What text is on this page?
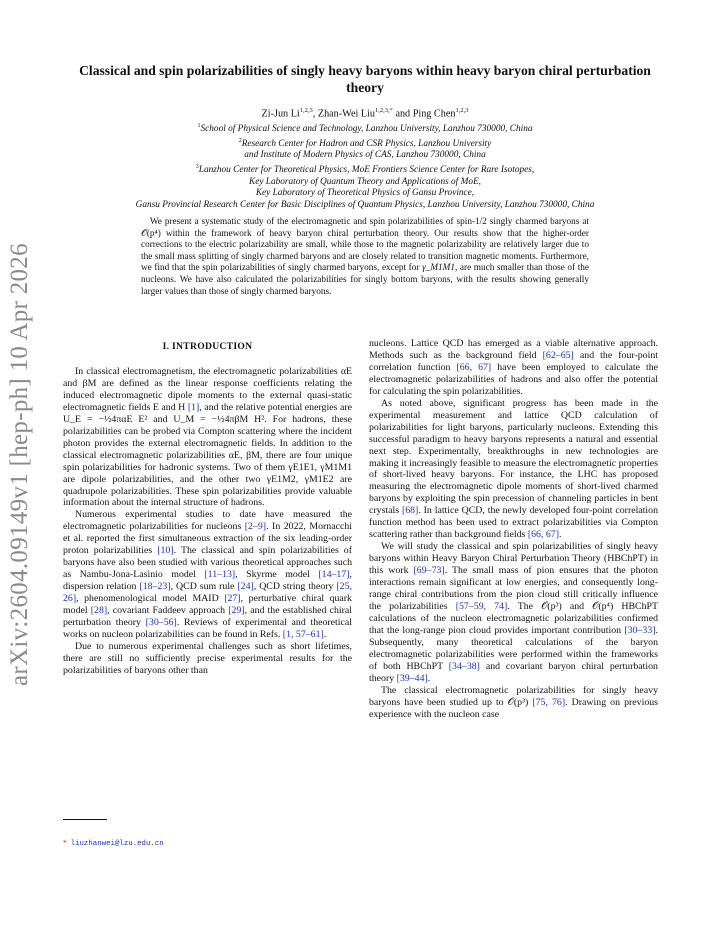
arXiv:2604.09149v1 [hep-ph] 10 Apr 2026
Classical and spin polarizabilities of singly heavy baryons within heavy baryon chiral perturbation theory
Zi-Jun Li$^{1,2,3}$, Zhan-Wei Liu$^{1,2,3,*}$ and Ping Chen$^{1,2,3}$
$^1$School of Physical Science and Technology, Lanzhou University, Lanzhou 730000, China
$^2$Research Center for Hadron and CSR Physics, Lanzhou University
and Institute of Modern Physics of CAS, Lanzhou 730000, China
$^3$Lanzhou Center for Theoretical Physics, MoE Frontiers Science Center for Rare Isotopes,
Key Laboratory of Quantum Theory and Applications of MoE,
Key Laboratory of Theoretical Physics of Gansu Province,
Gansu Provincial Research Center for Basic Disciplines of Quantum Physics, Lanzhou University, Lanzhou 730000, China
We present a systematic study of the electromagnetic and spin polarizabilities of spin-1/2 singly charmed baryons at 𝒪(p⁴) within the framework of heavy baryon chiral perturbation theory. Our results show that the higher-order corrections to the electric polarizability are small, while those to the magnetic polarizability are relatively larger due to the small mass splitting of singly charmed baryons and are closely related to transition magnetic moments. Furthermore, we find that the spin polarizabilities of singly charmed baryons, except for γ_M1M1, are much smaller than those of the nucleons. We have also calculated the polarizabilities for singly bottom baryons, with the results showing generally larger values than those of singly charmed baryons.
I. INTRODUCTION

In classical electromagnetism, the electromagnetic polarizabilities αE and βM are defined as the linear response coefficients relating the induced electromagnetic dipole moments to the external quasi-static electromagnetic fields E and H [1], and the relative potential energies are U_E = −½4παE E² and U_M = −½4πβM H². For hadrons, these polarizabilities can be probed via Compton scattering where the incident photon provides the external electromagnetic fields. In addition to the classical electromagnetic polarizabilities αE, βM, there are four unique spin polarizabilities for hadronic systems. Two of them γE1E1, γM1M1 are dipole polarizabilities, and the other two γE1M2, γM1E2 are quadrupole polarizabilities. These spin polarizabilities provide valuable information about the internal structure of hadrons.

Numerous experimental studies to date have measured the electromagnetic polarizabilities for nucleons [2–9]. In 2022, Mornacchi et al. reported the first simultaneous extraction of the six leading-order proton polarizabilities [10]. The classical and spin polarizabilities of baryons have also been studied with various theoretical approaches such as Nambu-Jona-Lasinio model [11–13], Skyrme model [14–17], dispersion relation [18–23], QCD sum rule [24], QCD string theory [25, 26], phenomenological model MAID [27], perturbative chiral quark model [28], covariant Faddeev approach [29], and the established chiral perturbation theory [30–56]. Reviews of experimental and theoretical works on nucleon polarizabilities can be found in Refs. [1, 57–61].

Due to numerous experimental challenges such as short lifetimes, there are still no sufficiently precise experimental results for the polarizabilities of baryons other than

nucleons. Lattice QCD has emerged as a viable alternative approach. Methods such as the background field [62–65] and the four-point correlation function [66, 67] have been employed to calculate the electromagnetic polarizabilities of hadrons and also offer the potential for calculating the spin polarizabilities.

As noted above, significant progress has been made in the experimental measurement and lattice QCD calculation of polarizabilities for light baryons, particularly nucleons. Extending this successful paradigm to heavy baryons represents a natural and essential next step. Experimentally, breakthroughs in new technologies are making it increasingly feasible to measure the electromagnetic properties of short-lived heavy baryons. For instance, the LHC has proposed measuring the electromagnetic dipole moments of short-lived charmed baryons by exploiting the spin precession of channeling particles in bent crystals [68]. In lattice QCD, the newly developed four-point correlation function method has been used to extract polarizabilities via Compton scattering rather than background fields [66, 67].

We will study the classical and spin polarizabilities of singly heavy baryons within Heavy Baryon Chiral Perturbation Theory (HBChPT) in this work [69–73]. The small mass of pion ensures that the photon interactions remain significant at low energies, and consequently long-range chiral contributions from the pion cloud still critically influence the polarizabilities [57–59, 74]. The 𝒪(p³) and 𝒪(p⁴) HBChPT calculations of the nucleon electromagnetic polarizabilities confirmed that the long-range pion cloud provides important contribution [30–33]. Subsequently, many theoretical calculations of the baryon electromagnetic polarizabilities were performed within the frameworks of both HBChPT [34–38] and covariant baryon chiral perturbation theory [39–44].

The classical electromagnetic polarizabilities for singly heavy baryons have been studied up to 𝒪(p³) [75, 76]. Drawing on previous experience with the nucleon case

* liuzhanwei@lzu.edu.cn
